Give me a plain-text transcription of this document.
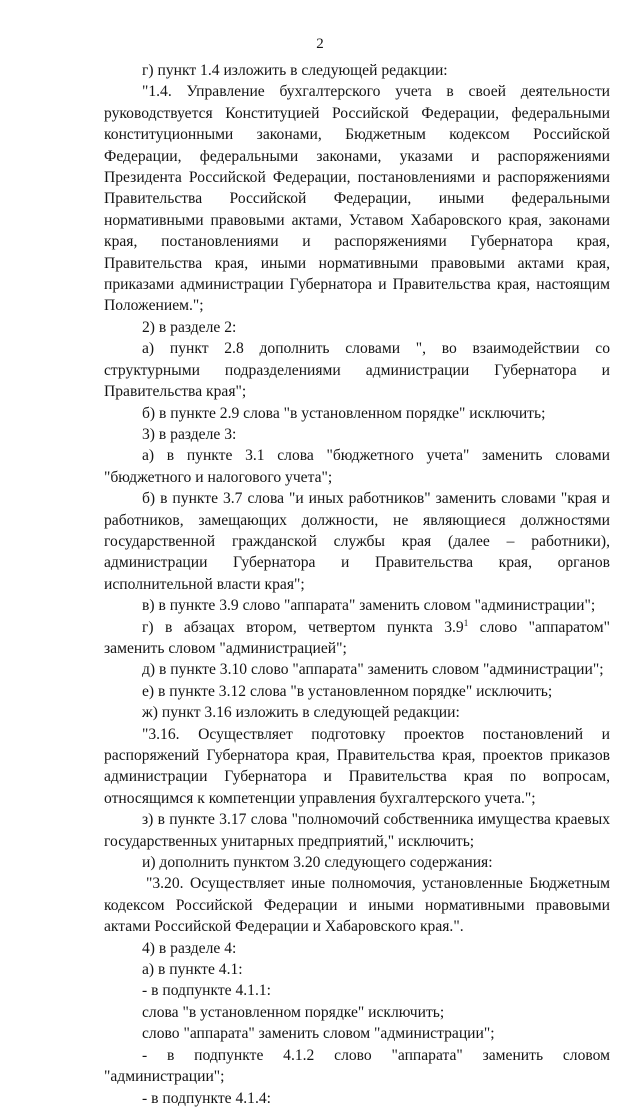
2

г) пункт 1.4 изложить в следующей редакции:

"1.4. Управление бухгалтерского учета в своей деятельности руководствуется Конституцией Российской Федерации, федеральными конституционными законами, Бюджетным кодексом Российской Федерации, федеральными законами, указами и распоряжениями Президента Российской Федерации, постановлениями и распоряжениями Правительства Российской Федерации, иными федеральными нормативными правовыми актами, Уставом Хабаровского края, законами края, постановлениями и распоряжениями Губернатора края, Правительства края, иными нормативными правовыми актами края, приказами администрации Губернатора и Правительства края, настоящим Положением.";

2) в разделе 2:

а) пункт 2.8 дополнить словами ", во взаимодействии со структурными подразделениями администрации Губернатора и Правительства края";

б) в пункте 2.9 слова "в установленном порядке" исключить;

3) в разделе 3:

а) в пункте 3.1 слова "бюджетного учета" заменить словами "бюджетного и налогового учета";

б) в пункте 3.7 слова "и иных работников" заменить словами "края и работников, замещающих должности, не являющиеся должностями государственной гражданской службы края (далее – работники), администрации Губернатора и Правительства края, органов исполнительной власти края";

в) в пункте 3.9 слово "аппарата" заменить словом "администрации";

г) в абзацах втором, четвертом пункта $3.9^1$ слово "аппаратом" заменить словом "администрацией";

д) в пункте 3.10 слово "аппарата" заменить словом "администрации";

е) в пункте 3.12 слова "в установленном порядке" исключить;

ж) пункт 3.16 изложить в следующей редакции:

"3.16. Осуществляет подготовку проектов постановлений и распоряжений Губернатора края, Правительства края, проектов приказов администрации Губернатора и Правительства края по вопросам, относящимся к компетенции управления бухгалтерского учета.";

з) в пункте 3.17 слова "полномочий собственника имущества краевых государственных унитарных предприятий," исключить;

и) дополнить пунктом 3.20 следующего содержания:

"3.20. Осуществляет иные полномочия, установленные Бюджетным кодексом Российской Федерации и иными нормативными правовыми актами Российской Федерации и Хабаровского края.".

4) в разделе 4:

а) в пункте 4.1:

- в подпункте 4.1.1:

слова "в установленном порядке" исключить;

слово "аппарата" заменить словом "администрации";

- в подпункте 4.1.2 слово "аппарата" заменить словом "администрации";

- в подпункте 4.1.4:
